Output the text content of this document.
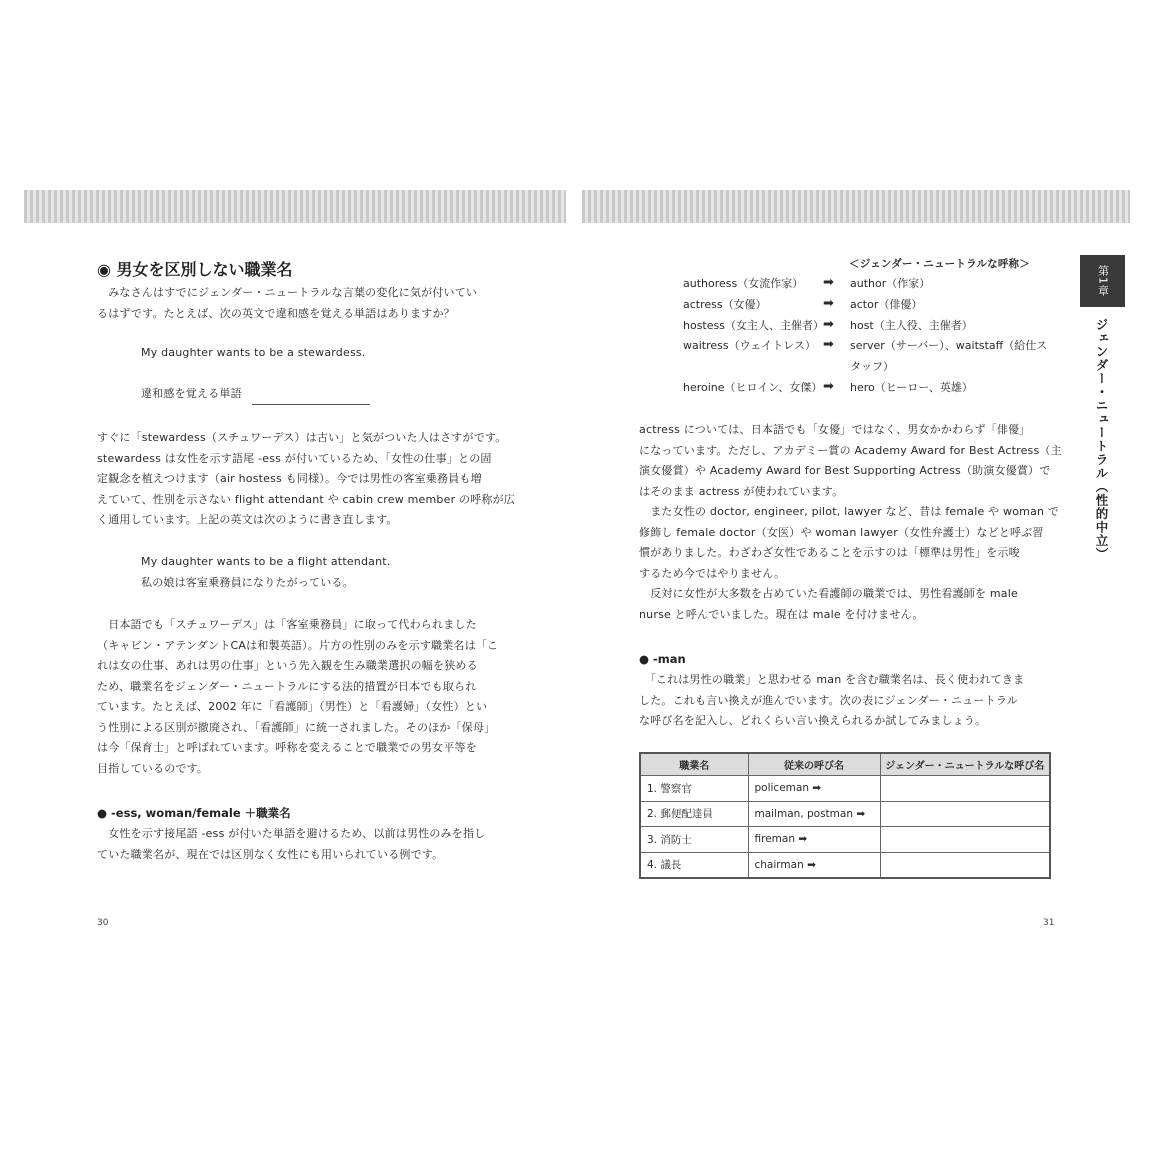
◉ 男女を区別しない職業名
　みなさんはすでにジェンダー・ニュートラルな言葉の変化に気が付いてい
るはずです。たとえば、次の英文で違和感を覚える単語はありますか？
My daughter wants to be a stewardess.
違和感を覚える単語
すぐに「stewardess（スチュワーデス）は古い」と気がついた人はさすがです。
stewardess は女性を示す語尾 -ess が付いているため、「女性の仕事」との固
定観念を植えつけます（air hostess も同様）。今では男性の客室乗務員も増
えていて、性別を示さない flight attendant や cabin crew member の呼称が広
く通用しています。上記の英文は次のように書き直します。
My daughter wants to be a flight attendant.
私の娘は客室乗務員になりたがっている。
　日本語でも「スチュワーデス」は「客室乗務員」に取って代わられました
（キャビン・アテンダントCAは和製英語）。片方の性別のみを示す職業名は「こ
れは女の仕事、あれは男の仕事」という先入観を生み職業選択の幅を狭める
ため、職業名をジェンダー・ニュートラルにする法的措置が日本でも取られ
ています。たとえば、2002 年に「看護師」（男性）と「看護婦」（女性）とい
う性別による区別が撤廃され、「看護師」に統一されました。そのほか「保母」
は今「保育士」と呼ばれています。呼称を変えることで職業での男女平等を
目指しているのです。
● -ess, woman/female ＋職業名
　女性を示す接尾語 -ess が付いた単語を避けるため、以前は男性のみを指し
ていた職業名が、現在では区別なく女性にも用いられている例です。
30
第1章
ジェンダー・ニュートラル（性的中立）
＜ジェンダー・ニュートラルな呼称＞
authoress（女流作家） ➡ author（作家）
actress（女優）	➡ actor（俳優）
hostess（女主人、主催者） ➡ host（主人役、主催者）
waitress（ウェイトレス） ➡ server（サーバー）、waitstaff（給仕ス
タッフ）
heroine（ヒロイン、女傑） ➡ hero（ヒーロー、英雄）
actress については、日本語でも「女優」ではなく、男女かかわらず「俳優」
になっています。ただし、アカデミー賞の Academy Award for Best Actress（主
演女優賞）や Academy Award for Best Supporting Actress（助演女優賞）で
はそのまま actress が使われています。
　また女性の doctor, engineer, pilot, lawyer など、昔は female や woman で
修飾し female doctor（女医）や woman lawyer（女性弁護士）などと呼ぶ習
慣がありました。わざわざ女性であることを示すのは「標準は男性」を示唆
するため今ではやりません。
　反対に女性が大多数を占めていた看護師の職業では、男性看護師を male
nurse と呼んでいました。現在は male を付けません。
● -man
　「これは男性の職業」と思わせる man を含む職業名は、長く使われてきま
した。これも言い換えが進んでいます。次の表にジェンダー・ニュートラル
な呼び名を記入し、どれくらい言い換えられるか試してみましょう。
職業名	従来の呼び名	ジェンダー・ニュートラルな呼び名
1. 警察官	policeman ➡	
2. 郵便配達員	mailman, postman ➡	
3. 消防士	fireman ➡	
4. 議長	chairman ➡	
31
